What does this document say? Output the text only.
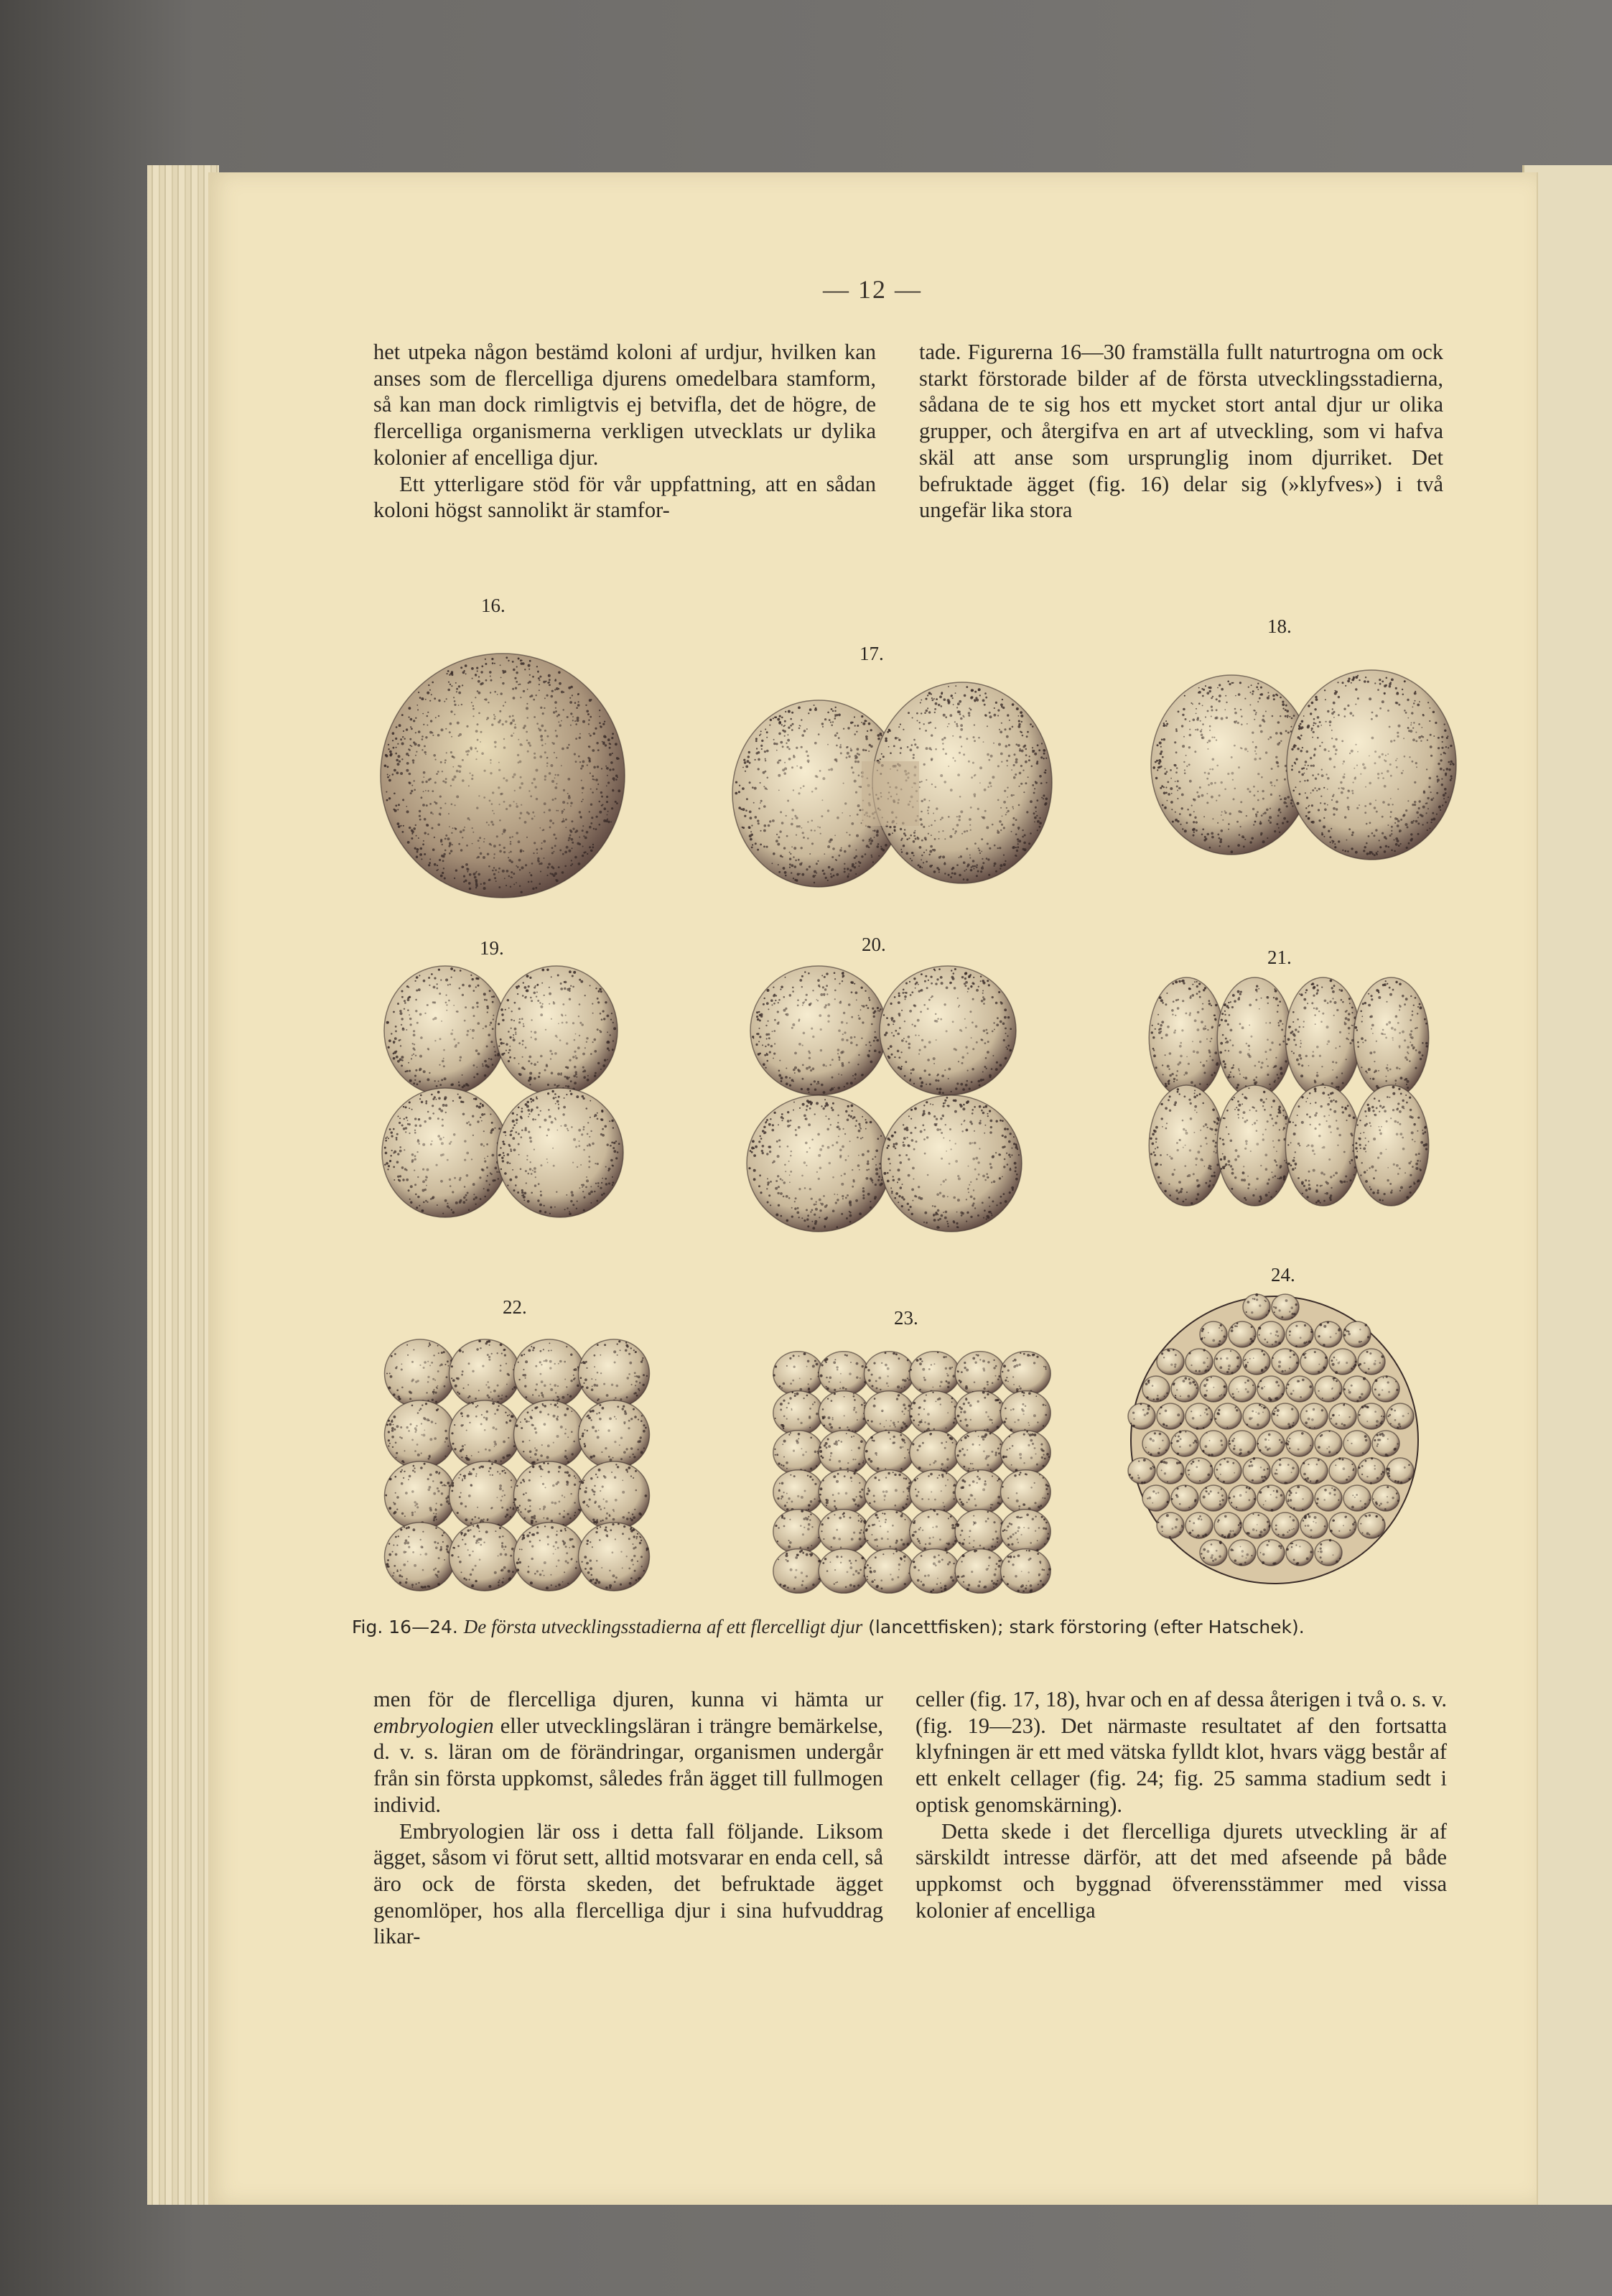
— 12 —

het utpeka någon bestämd koloni af urdjur, hvilken kan anses som de flercelliga djurens omedelbara stamform, så kan man dock rimligtvis ej betvifla, det de högre, de flercelliga organismerna verkligen utvecklats ur dylika kolonier af encelliga djur.

Ett ytterligare stöd för vår uppfattning, att en sådan koloni högst sannolikt är stamfor-

tade. Figurerna 16—30 framställa fullt naturtrogna om ock starkt förstorade bilder af de första utvecklingsstadierna, sådana de te sig hos ett mycket stort antal djur ur olika grupper, och återgifva en art af utveckling, som vi hafva skäl att anse som ursprunglig inom djurriket. Det befruktade ägget (fig. 16) delar sig (»klyfves») i två ungefär lika stora

16.
17.
18.
19.	20.
21.
22.	23.
24.
Fig. 16—24. De första utvecklingsstadierna af ett flercelligt djur (lancettfisken); stark förstoring (efter Hatschek).

men för de flercelliga djuren, kunna vi hämta ur embryologien eller utvecklingsläran i trängre bemärkelse, d. v. s. läran om de förändringar, organismen undergår från sin första uppkomst, således från ägget till fullmogen individ.

Embryologien lär oss i detta fall följande. Liksom ägget, såsom vi förut sett, alltid motsvarar en enda cell, så äro ock de första skeden, det befruktade ägget genomlöper, hos alla flercelliga djur i sina hufvuddrag likar-

celler (fig. 17, 18), hvar och en af dessa återigen i två o. s. v. (fig. 19—23). Det närmaste resultatet af den fortsatta klyfningen är ett med vätska fylldt klot, hvars vägg består af ett enkelt cellager (fig. 24; fig. 25 samma stadium sedt i optisk genomskärning).

Detta skede i det flercelliga djurets utveckling är af särskildt intresse därför, att det med afseende på både uppkomst och byggnad öfverensstämmer med vissa kolonier af encelliga
